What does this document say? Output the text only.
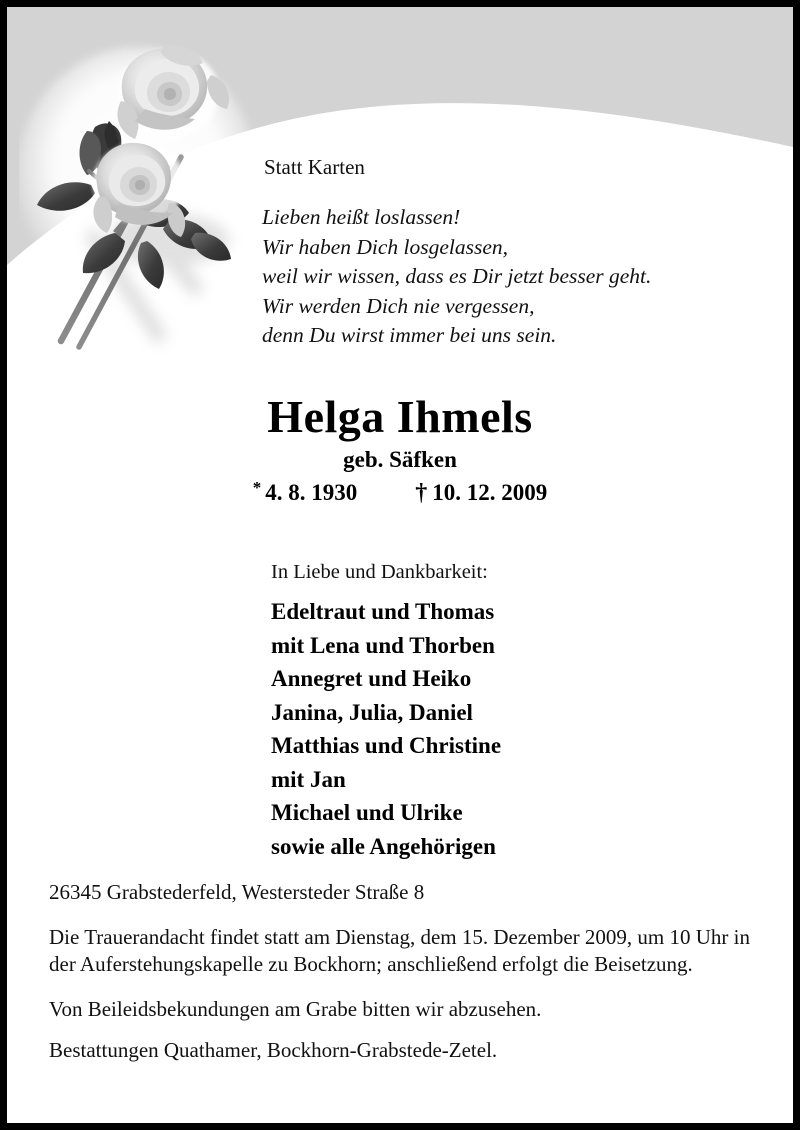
Statt Karten
Lieben heißt loslassen!
Wir haben Dich losgelassen,
weil wir wissen, dass es Dir jetzt besser geht.
Wir werden Dich nie vergessen,
denn Du wirst immer bei uns sein.
Helga Ihmels
geb. Säfken
* 4. 8. 1930 † 10. 12. 2009
In Liebe und Dankbarkeit:
Edeltraut und Thomas
mit Lena und Thorben
Annegret und Heiko
Janina, Julia, Daniel
Matthias und Christine
mit Jan
Michael und Ulrike
sowie alle Angehörigen

26345 Grabstederfeld, Westersteder Straße 8

Die Trauerandacht findet statt am Dienstag, dem 15. Dezember 2009, um 10 Uhr in der Auferstehungskapelle zu Bockhorn; anschließend erfolgt die Beisetzung.

Von Beileidsbekundungen am Grabe bitten wir abzusehen.

Bestattungen Quathamer, Bockhorn-Grabstede-Zetel.
